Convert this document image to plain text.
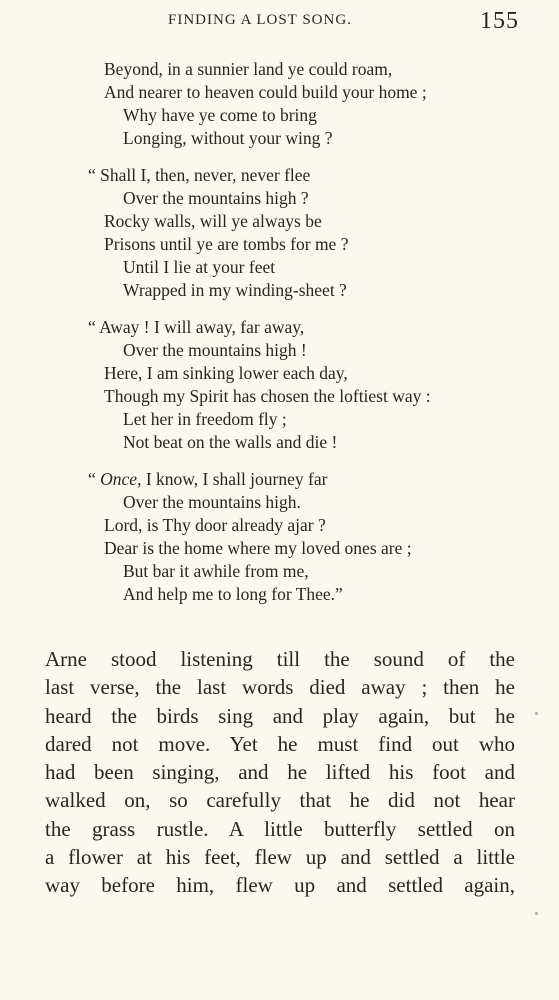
FINDING A LOST SONG.	155
Beyond, in a sunnier land ye could roam,
And nearer to heaven could build your home ;
Why have ye come to bring
Longing, without your wing ?
“ Shall I, then, never, never flee
Over the mountains high ?
Rocky walls, will ye always be
Prisons until ye are tombs for me ?
Until I lie at your feet
Wrapped in my winding-sheet ?
“ Away ! I will away, far away,
Over the mountains high !
Here, I am sinking lower each day,
Though my Spirit has chosen the loftiest way :
Let her in freedom fly ;
Not beat on the walls and die !
“ Once, I know, I shall journey far
Over the mountains high.
Lord, is Thy door already ajar ?
Dear is the home where my loved ones are ;
But bar it awhile from me,
And help me to long for Thee.”
Arne stood listening till the sound of the
last verse, the last words died away ; then he
heard the birds sing and play again, but he
dared not move. Yet he must find out who
had been singing, and he lifted his foot and
walked on, so carefully that he did not hear
the grass rustle. A little butterfly settled on
a flower at his feet, flew up and settled a little
way before him, flew up and settled again,
